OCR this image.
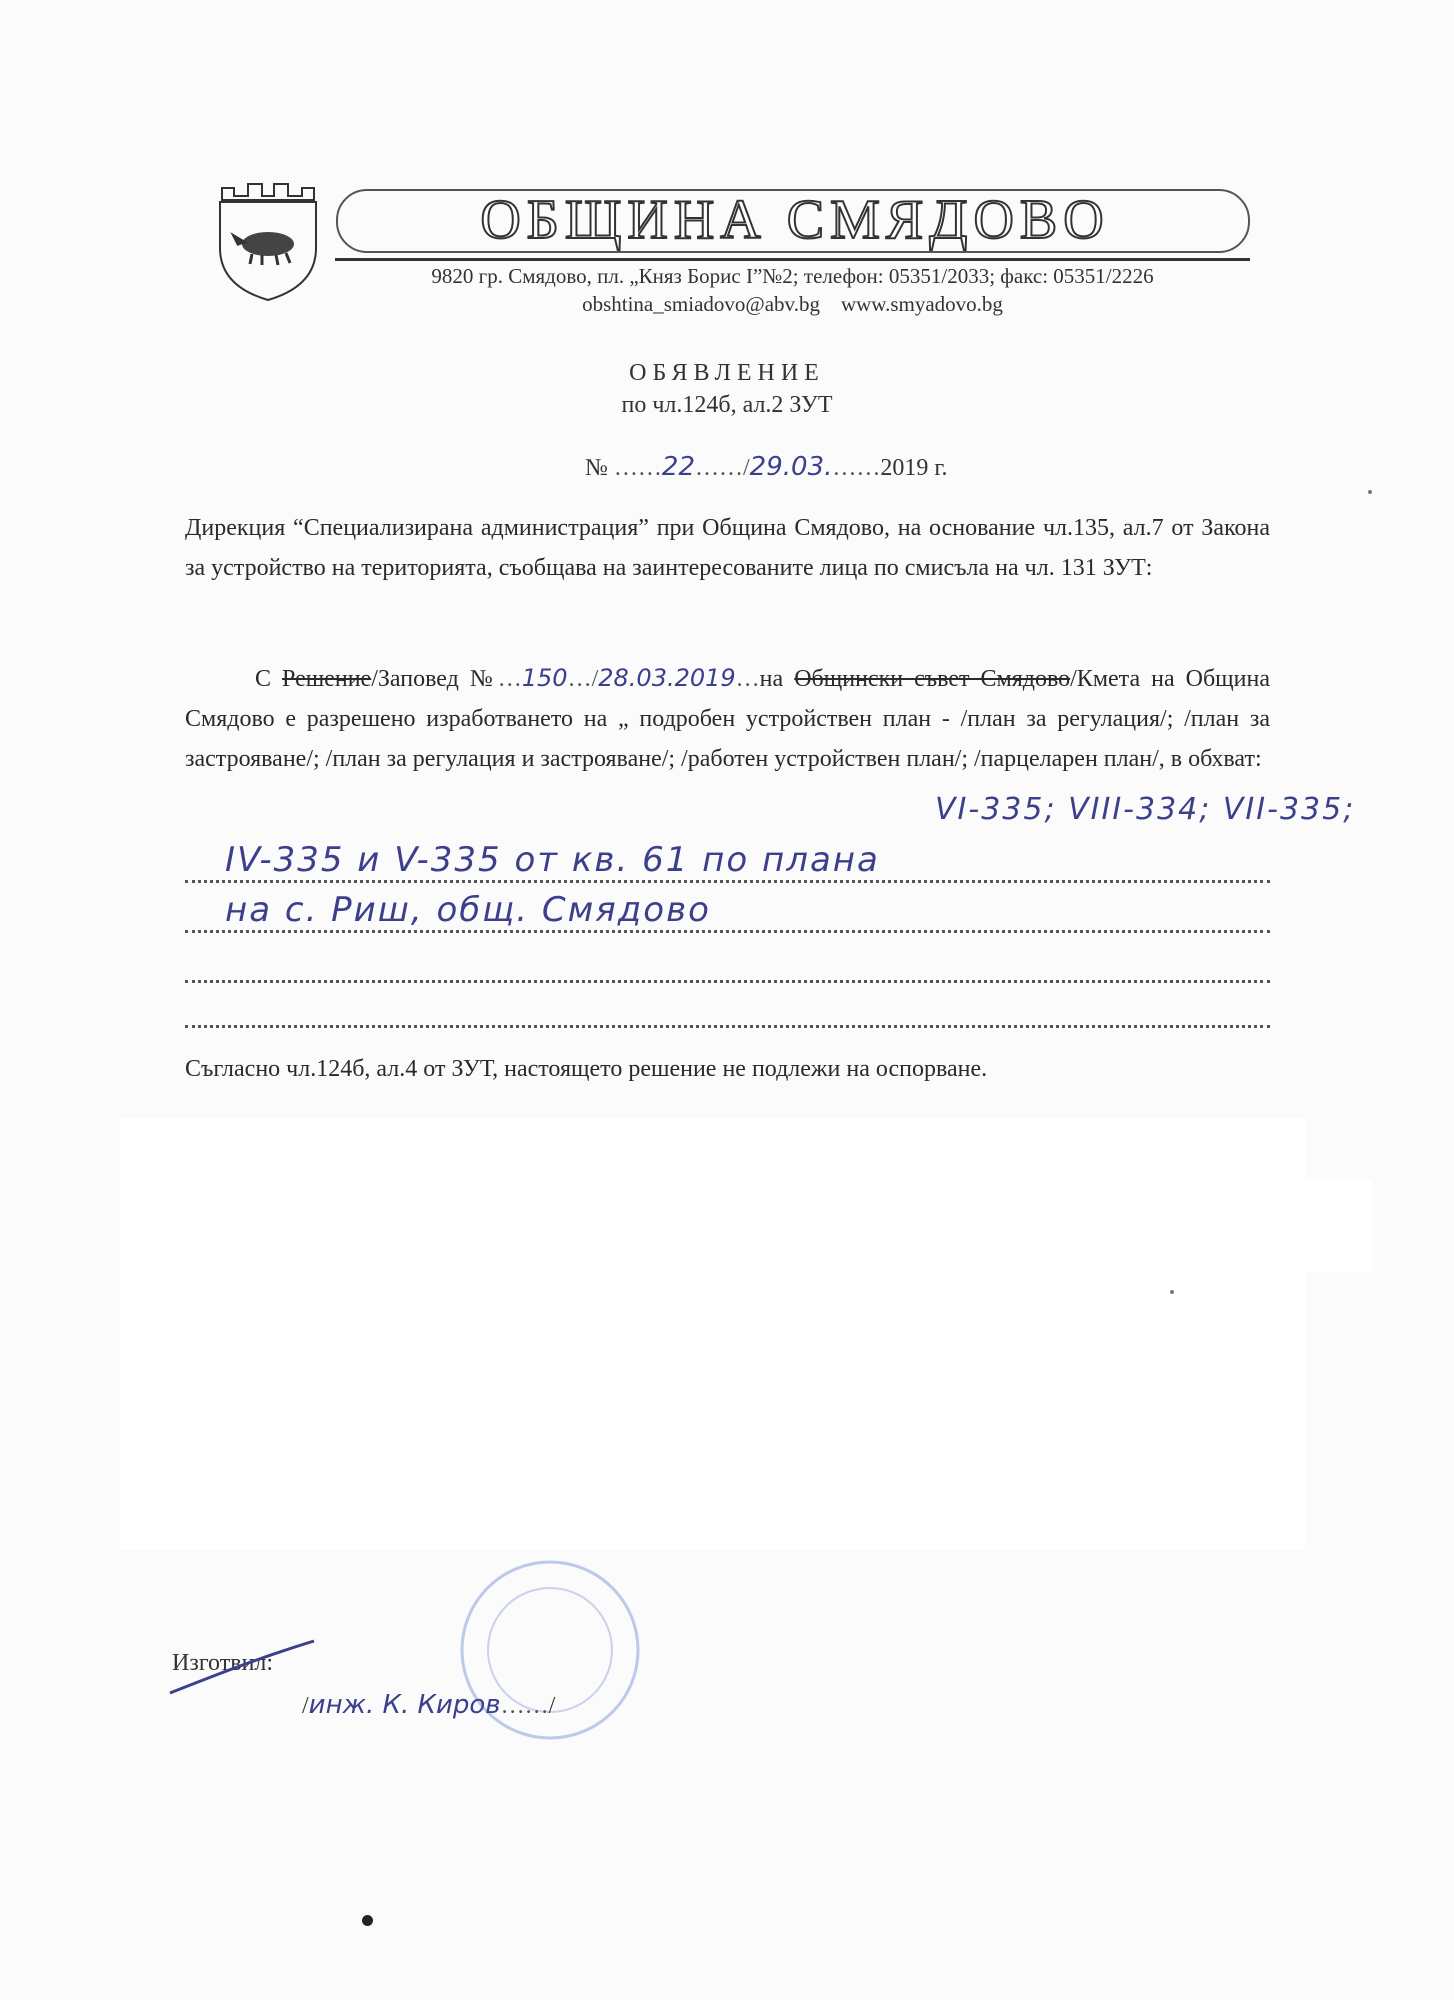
ОБЩИНА СМЯДОВО
9820 гр. Смядово, пл. „Княз Борис I”№2; телефон: 05351/2033; факс: 05351/2226
obshtina_smiadovo@abv.bg    www.smyadovo.bg
ОБЯВЛЕНИЕ
по чл.124б, ал.2 ЗУТ
№ ……22……/29.03.……2019 г.
Дирекция “Специализирана администрация” при Община Смядово, на основание чл.135, ал.7 от Закона за устройство на територията, съобщава на заинтересованите лица по смисъла на чл. 131 ЗУТ:
С Решение/Заповед №…150…/28.03.2019…на Общински съвет Смядово/Кмета на Община Смядово е разрешено изработването на „ подробен устройствен план - /план за регулация/; /план за застрояване/; /план за регулация и застрояване/; /работен устройствен план/; /парцеларен план/, в обхват:
VI-335; VIII-334; VII-335;
IV-335 и V-335 от кв. 61 по плана
на с. Риш, общ. Смядово
Съгласно чл.124б, ал.4 от ЗУТ, настоящето решение не подлежи на оспорване.
Изготвил:
/инж. К. Киров……/
